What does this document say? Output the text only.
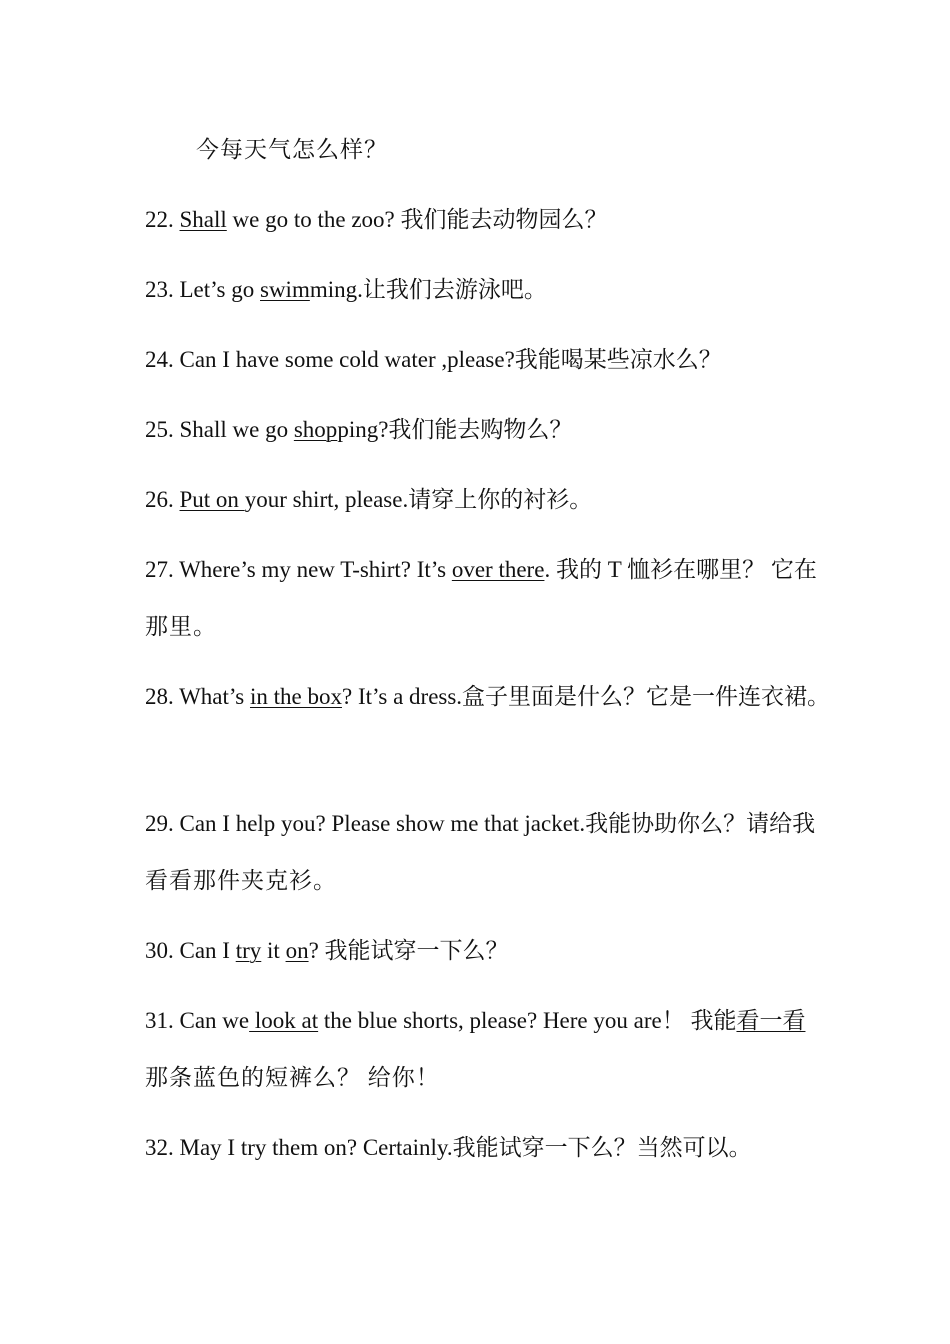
今每天气怎么样？
22. Shall we go to the zoo? 我们能去动物园么？
23. Let’s go swimming.让我们去游泳吧。
24. Can I have some cold water ,please?我能喝某些凉水么？
25. Shall we go shopping?我们能去购物么？
26. Put on your shirt, please.请穿上你的衬衫。
27. Where’s my new T-shirt? It’s over there. 我的 T 恤衫在哪里？ 它在
那里。
28. What’s in the box? It’s a dress.盒子里面是什么？它是一件连衣裙。
29. Can I help you? Please show me that jacket.我能协助你么？请给我
看看那件夹克衫。
30. Can I try it on? 我能试穿一下么？
31. Can we look at the blue shorts, please? Here you are！ 我能看一看
那条蓝色的短裤么？ 给你！
32. May I try them on? Certainly.我能试穿一下么？当然可以。
